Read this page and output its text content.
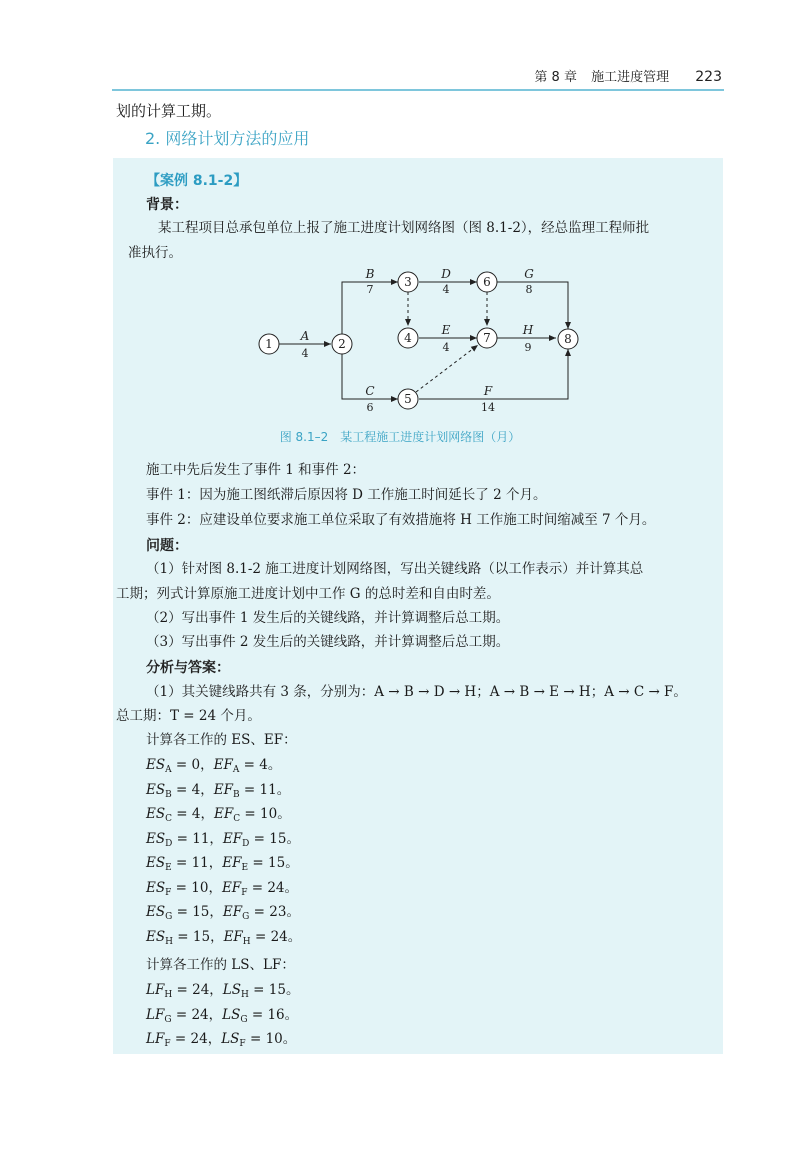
第 8 章 施工进度管理 223
划的计算工期。
2. 网络计划方法的应用
【案例 8.1-2】
背景：
某工程项目总承包单位上报了施工进度计划网络图（图 8.1-2），经总监理工程师批
准执行。
1	2
3
4
5
6
7	8
A
B
C
D
E
F
G
H
4
7
6
4
4
14
8
9
图 8.1–2　某工程施工进度计划网络图（月）
施工中先后发生了事件 1 和事件 2：
事件 1：因为施工图纸滞后原因将 D 工作施工时间延长了 2 个月。
事件 2：应建设单位要求施工单位采取了有效措施将 H 工作施工时间缩减至 7 个月。
问题：
（1）针对图 8.1-2 施工进度计划网络图，写出关键线路（以工作表示）并计算其总
工期；列式计算原施工进度计划中工作 G 的总时差和自由时差。
（2）写出事件 1 发生后的关键线路，并计算调整后总工期。
（3）写出事件 2 发生后的关键线路，并计算调整后总工期。
分析与答案：
（1）其关键线路共有 3 条，分别为：A → B → D → H；A → B → E → H；A → C → F。
总工期：T = 24 个月。
计算各工作的 ES、EF：
$ES_A = 0$，$EF_A = 4$。
$ES_B = 4$，$EF_B = 11$。
$ES_C = 4$，$EF_C = 10$。
$ES_D = 11$，$EF_D = 15$。
$ES_E = 11$，$EF_E = 15$。
$ES_F = 10$，$EF_F = 24$。
$ES_G = 15$，$EF_G = 23$。
$ES_H = 15$，$EF_H = 24$。
计算各工作的 LS、LF：
$LF_H = 24$，$LS_H = 15$。
$LF_G = 24$，$LS_G = 16$。
$LF_F = 24$，$LS_F = 10$。
